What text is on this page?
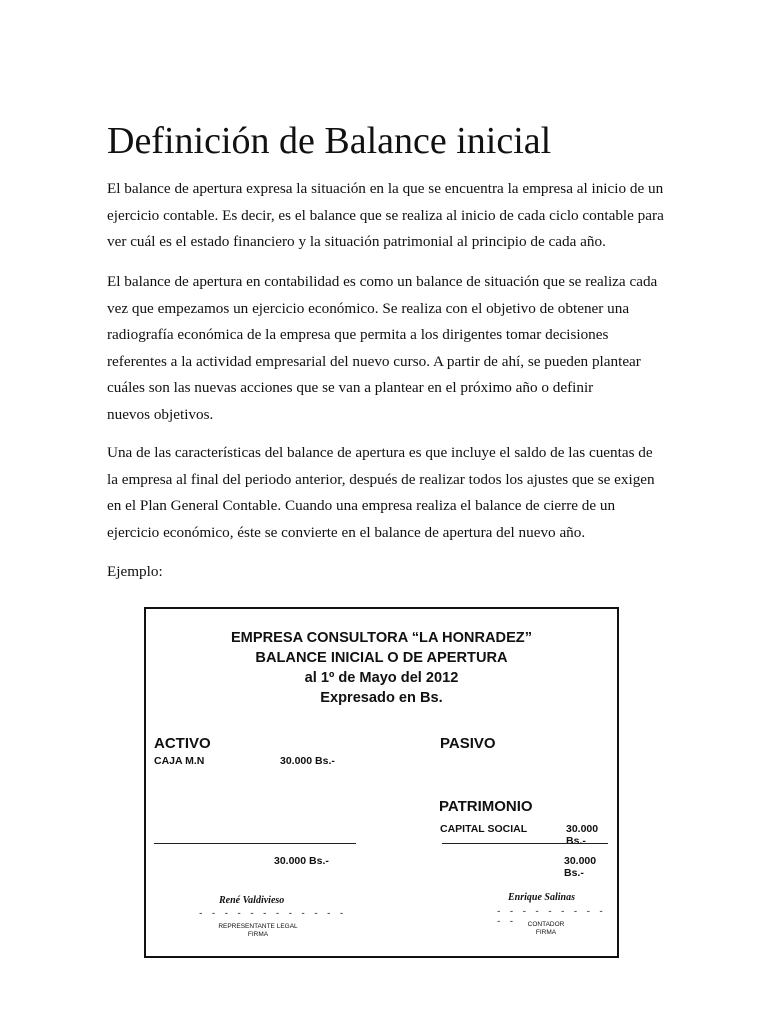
Definición de Balance inicial

El balance de apertura expresa la situación en la que se encuentra la empresa al inicio de un
ejercicio contable. Es decir, es el balance que se realiza al inicio de cada ciclo contable para
ver cuál es el estado financiero y la situación patrimonial al principio de cada año.

El balance de apertura en contabilidad es como un balance de situación que se realiza cada
vez que empezamos un ejercicio económico. Se realiza con el objetivo de obtener una
radiografía económica de la empresa que permita a los dirigentes tomar decisiones
referentes a la actividad empresarial del nuevo curso. A partir de ahí, se pueden plantear
cuáles son las nuevas acciones que se van a plantear en el próximo año o definir
nuevos objetivos.

Una de las características del balance de apertura es que incluye el saldo de las cuentas de
la empresa al final del periodo anterior, después de realizar todos los ajustes que se exigen
en el Plan General Contable. Cuando una empresa realiza el balance de cierre de un
ejercicio económico, éste se convierte en el balance de apertura del nuevo año.

Ejemplo:

EMPRESA CONSULTORA “LA HONRADEZ”
BALANCE INICIAL O DE APERTURA
al 1º de Mayo del 2012
Expresado en Bs.
ACTIVO
CAJA M.N	30.000 Bs.-
30.000 Bs.-
PASIVO
PATRIMONIO
CAPITAL SOCIAL	30.000 Bs.-
30.000 Bs.-
René Valdivieso
- - - - - - - - - - - -
REPRESENTANTE LEGAL
FIRMA
Enrique Salinas
- - - - - - - - - - -	CONTADOR
FIRMA
